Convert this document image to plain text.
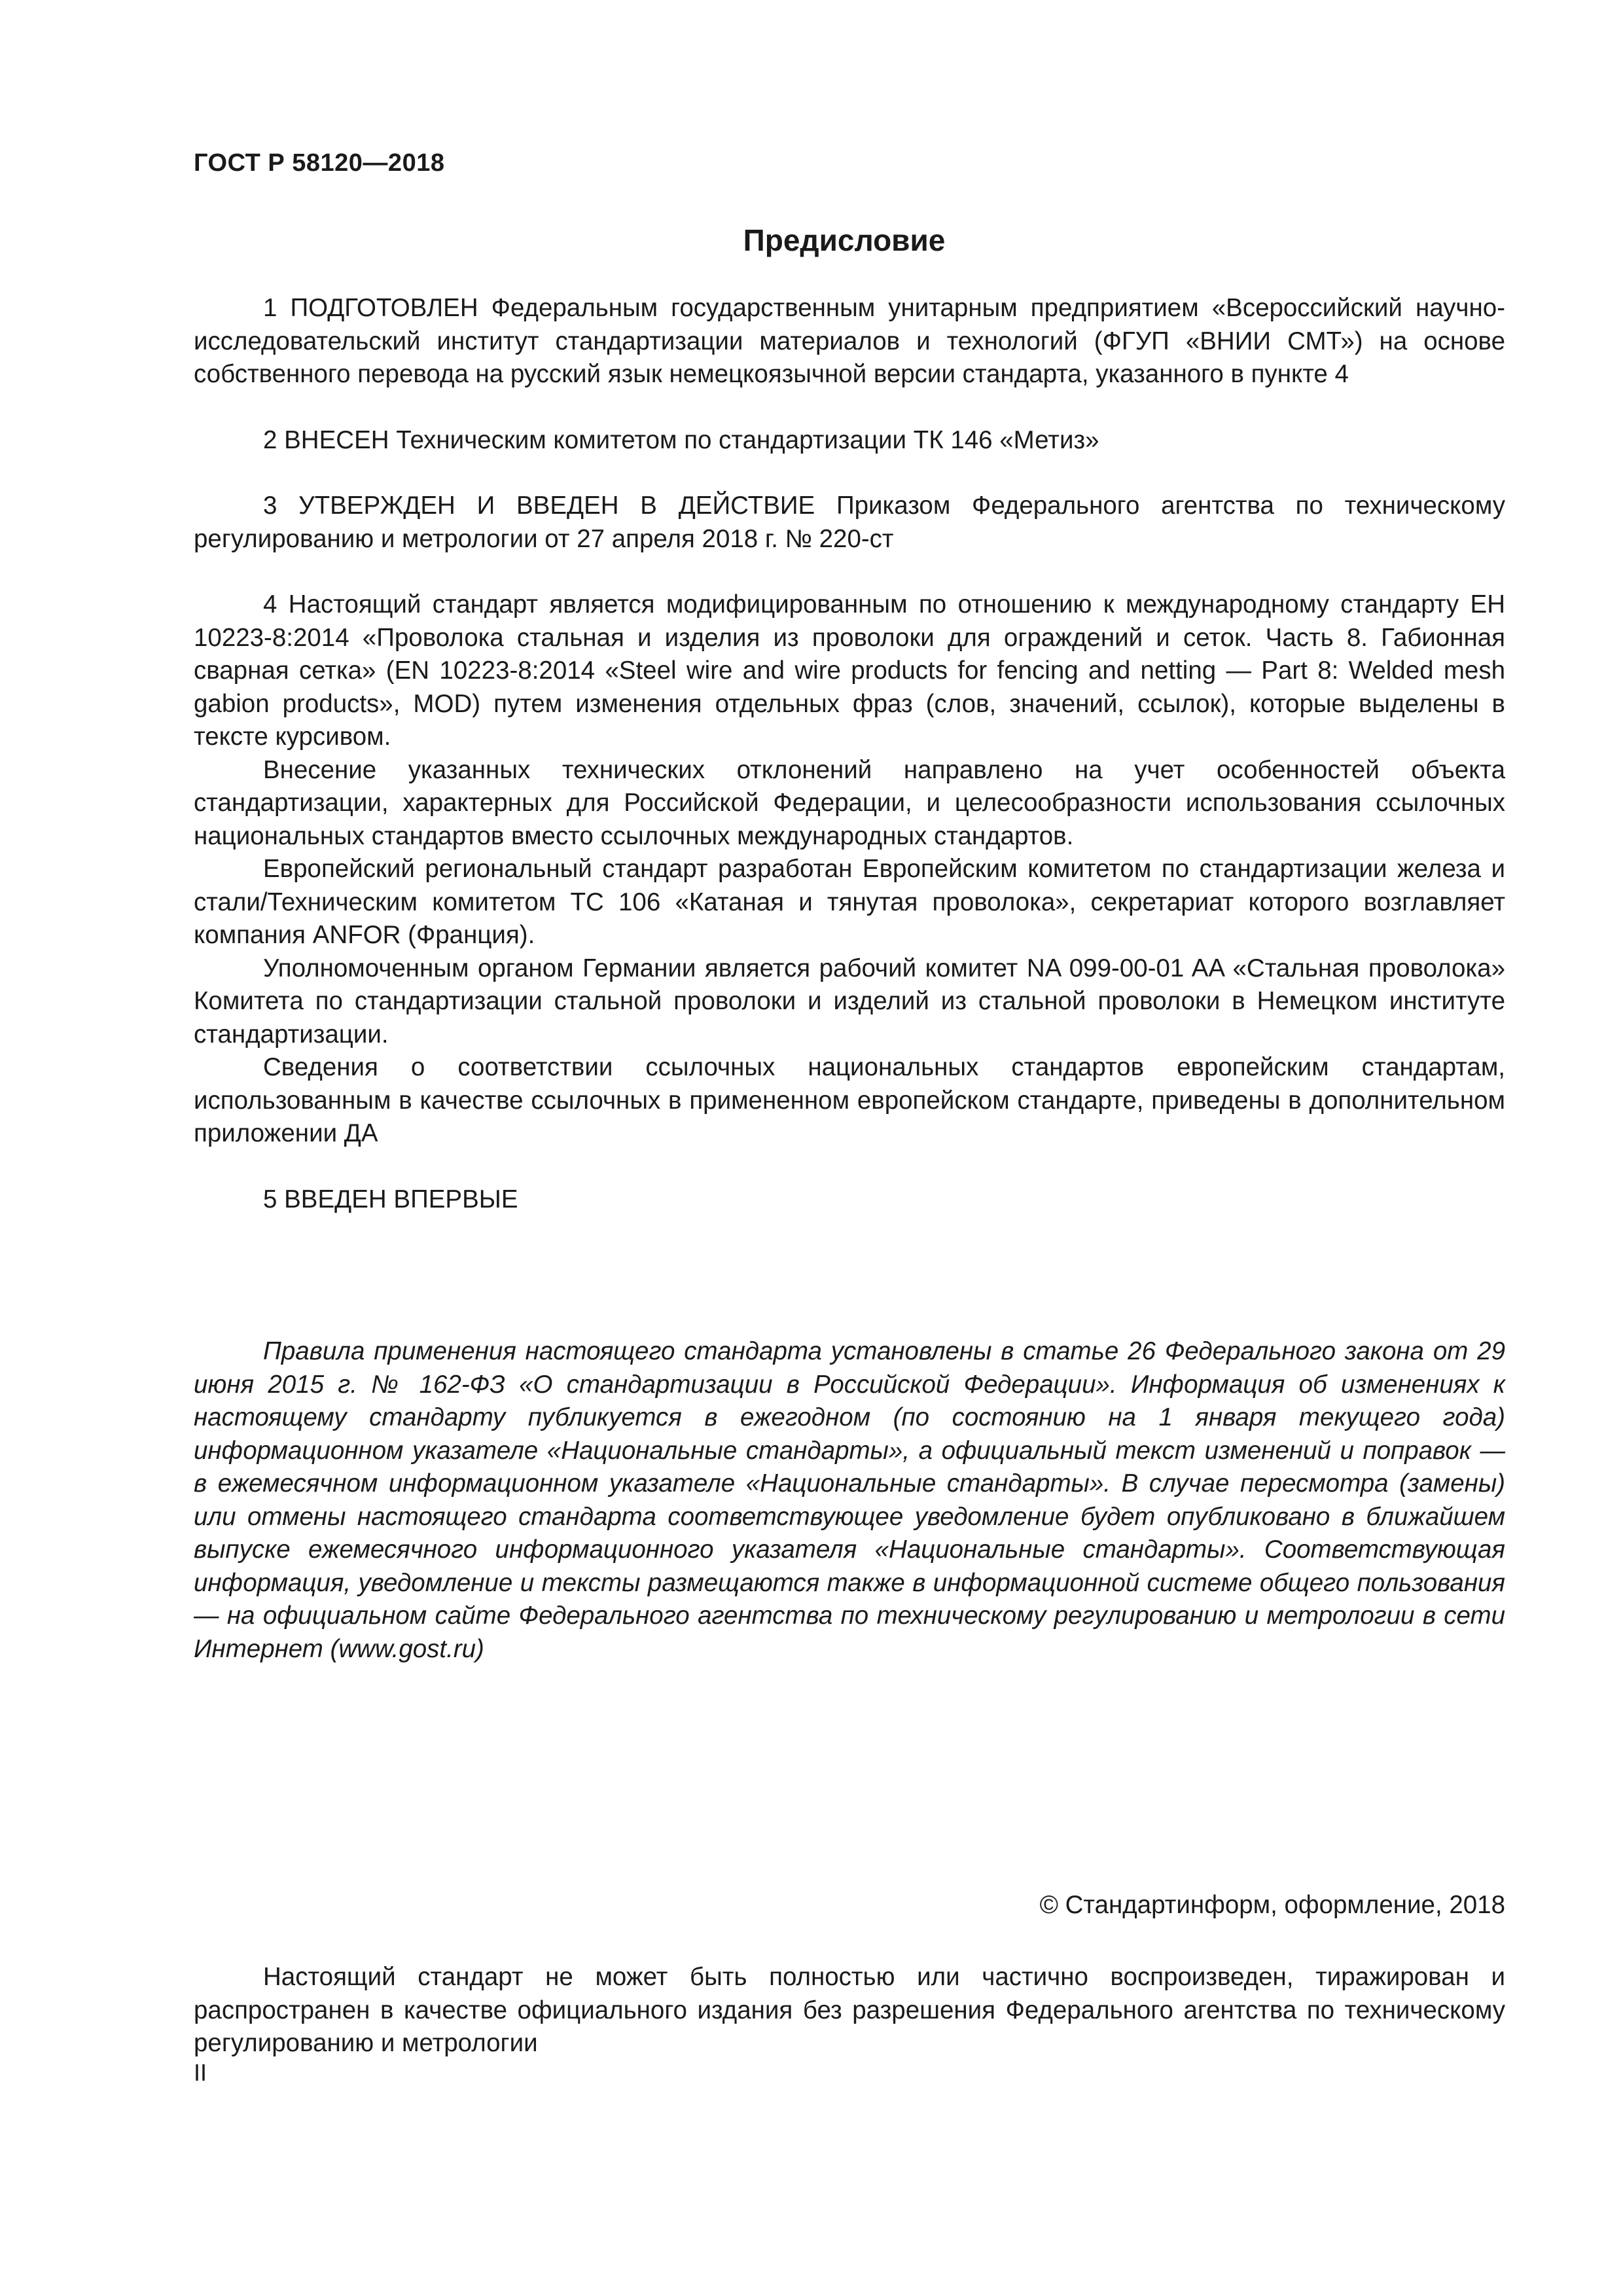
ГОСТ Р 58120—2018
Предисловие

1 ПОДГОТОВЛЕН Федеральным государственным унитарным предприятием «Всероссийский научно-исследовательский институт стандартизации материалов и технологий (ФГУП «ВНИИ СМТ») на основе собственного перевода на русский язык немецкоязычной версии стандарта, указанного в пункте 4

2 ВНЕСЕН Техническим комитетом по стандартизации ТК 146 «Метиз»

3 УТВЕРЖДЕН И ВВЕДЕН В ДЕЙСТВИЕ Приказом Федерального агентства по техническому регулированию и метрологии от 27 апреля 2018 г. № 220-ст

4 Настоящий стандарт является модифицированным по отношению к международному стандарту ЕН 10223-8:2014 «Проволока стальная и изделия из проволоки для ограждений и сеток. Часть 8. Габионная сварная сетка» (EN 10223-8:2014 «Steel wire and wire products for fencing and netting — Part 8: Welded mesh gabion products», MOD) путем изменения отдельных фраз (слов, значений, ссылок), которые выделены в тексте курсивом.

Внесение указанных технических отклонений направлено на учет особенностей объекта стандартизации, характерных для Российской Федерации, и целесообразности использования ссылочных национальных стандартов вместо ссылочных международных стандартов.

Европейский региональный стандарт разработан Европейским комитетом по стандартизации железа и стали/Техническим комитетом ТС 106 «Катаная и тянутая проволока», секретариат которого возглавляет компания ANFOR (Франция).

Уполномоченным органом Германии является рабочий комитет NA 099-00-01 AA «Стальная проволока» Комитета по стандартизации стальной проволоки и изделий из стальной проволоки в Немецком институте стандартизации.

Сведения о соответствии ссылочных национальных стандартов европейским стандартам, использованным в качестве ссылочных в примененном европейском стандарте, приведены в дополнительном приложении ДА

5 ВВЕДЕН ВПЕРВЫЕ

Правила применения настоящего стандарта установлены в статье 26 Федерального закона от 29 июня 2015 г. № 162-ФЗ «О стандартизации в Российской Федерации». Информация об изменениях к настоящему стандарту публикуется в ежегодном (по состоянию на 1 января текущего года) информационном указателе «Национальные стандарты», а официальный текст изменений и поправок — в ежемесячном информационном указателе «Национальные стандарты». В случае пересмотра (замены) или отмены настоящего стандарта соответствующее уведомление будет опубликовано в ближайшем выпуске ежемесячного информационного указателя «Национальные стандарты». Соответствующая информация, уведомление и тексты размещаются также в информационной системе общего пользования — на официальном сайте Федерального агентства по техническому регулированию и метрологии в сети Интернет (www.gost.ru)
© Стандартинформ, оформление, 2018
Настоящий стандарт не может быть полностью или частично воспроизведен, тиражирован и распространен в качестве официального издания без разрешения Федерального агентства по техническому регулированию и метрологии
II
